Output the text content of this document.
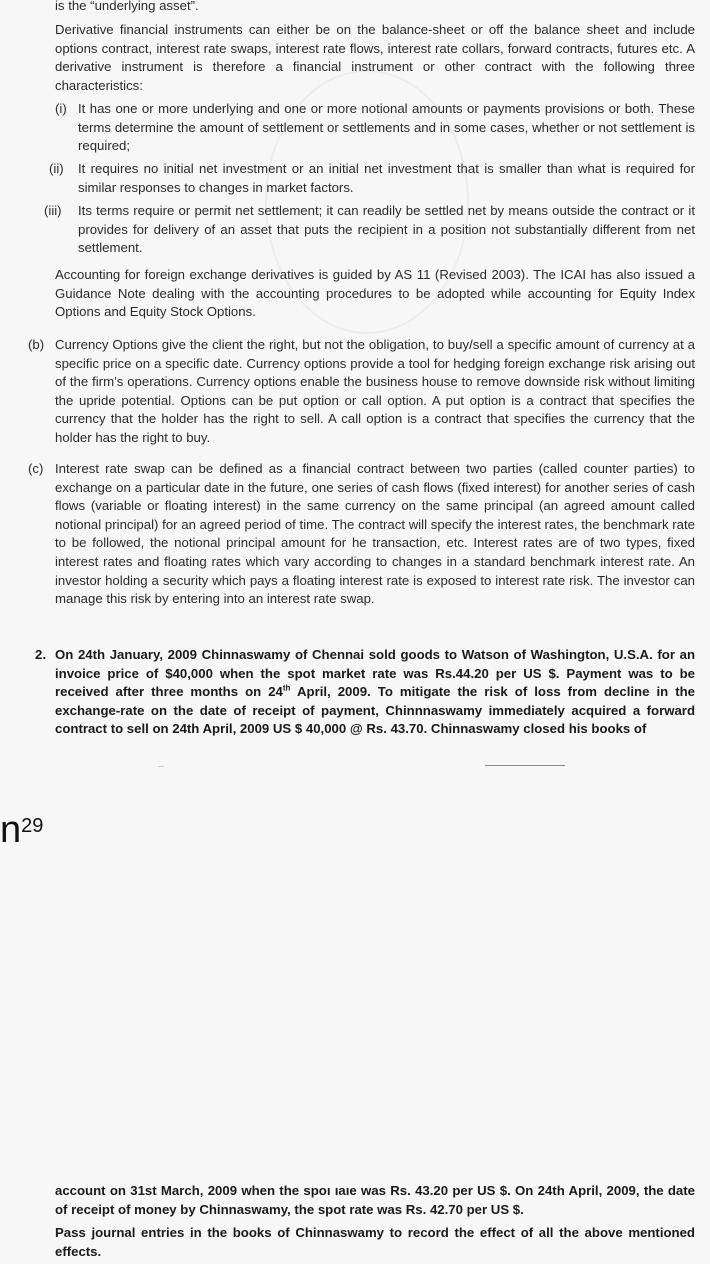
is the “underlying asset”.

Derivative financial instruments can either be on the balance-sheet or off the balance sheet and include options contract, interest rate swaps, interest rate flows, interest rate collars, forward contracts, futures etc. A derivative instrument is therefore a financial instrument or other contract with the following three characteristics:

(i) It has one or more underlying and one or more notional amounts or payments provisions or both. These terms determine the amount of settlement or settlements and in some cases, whether or not settlement is required;

(ii) It requires no initial net investment or an initial net investment that is smaller than what is required for similar responses to changes in market factors.

(iii) Its terms require or permit net settlement; it can readily be settled net by means outside the contract or it provides for delivery of an asset that puts the recipient in a position not substantially different from net settlement.

Accounting for foreign exchange derivatives is guided by AS 11 (Revised 2003). The ICAI has also issued a Guidance Note dealing with the accounting procedures to be adopted while accounting for Equity Index Options and Equity Stock Options.

(b) Currency Options give the client the right, but not the obligation, to buy/sell a specific amount of currency at a specific price on a specific date. Currency options provide a tool for hedging foreign exchange risk arising out of the firm’s operations. Currency options enable the business house to remove downside risk without limiting the upride potential. Options can be put option or call option. A put option is a contract that specifies the currency that the holder has the right to sell. A call option is a contract that specifies the currency that the holder has the right to buy.

(c) Interest rate swap can be defined as a financial contract between two parties (called counter parties) to exchange on a particular date in the future, one series of cash flows (fixed interest) for another series of cash flows (variable or floating interest) in the same currency on the same principal (an agreed amount called notional principal) for an agreed period of time. The contract will specify the interest rates, the benchmark rate to be followed, the notional principal amount for he transaction, etc. Interest rates are of two types, fixed interest rates and floating rates which vary according to changes in a standard benchmark interest rate. An investor holding a security which pays a floating interest rate is exposed to interest rate risk. The investor can manage this risk by entering into an interest rate swap.

2. On 24th January, 2009 Chinnaswamy of Chennai sold goods to Watson of Washington, U.S.A. for an invoice price of $40,000 when the spot market rate was Rs.44.20 per US $. Payment was to be received after three months on 24th April, 2009. To mitigate the risk of loss from decline in the exchange-rate on the date of receipt of payment, Chinnnaswamy immediately acquired a forward contract to sell on 24th April, 2009 US $ 40,000 @ Rs. 43.70. Chinnaswamy closed his books of

$n^{29}$

account on 31st March, 2009 when the spoı ıaıe was Rs. 43.20 per US $. On 24th April, 2009, the date of receipt of money by Chinnaswamy, the spot rate was Rs. 42.70 per US $.

Pass journal entries in the books of Chinnaswamy to record the effect of all the above mentioned effects.
